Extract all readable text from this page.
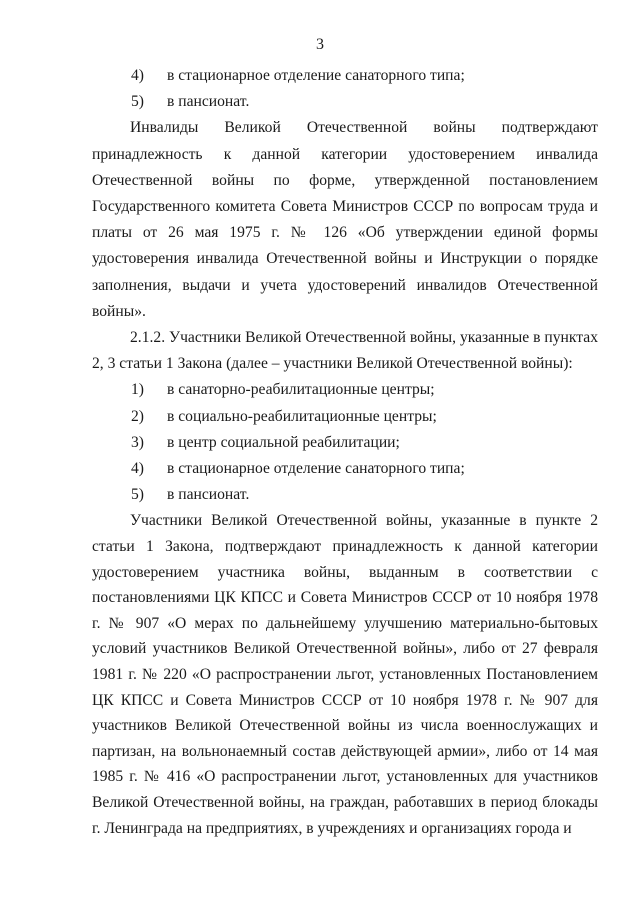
3
4)	в стационарное отделение санаторного типа;
5)	в пансионат.

Инвалиды Великой Отечественной войны подтверждают принадлежность к данной категории удостоверением инвалида Отечественной войны по форме, утвержденной постановлением Государственного комитета Совета Министров СССР по вопросам труда и платы от 26 мая 1975 г. № 126 «Об утверждении единой формы удостоверения инвалида Отечественной войны и Инструкции о порядке заполнения, выдачи и учета удостоверений инвалидов Отечественной войны».

2.1.2. Участники Великой Отечественной войны, указанные в пунктах 2, 3 статьи 1 Закона (далее – участники Великой Отечественной войны):

1)	в санаторно-реабилитационные центры;
2)	в социально-реабилитационные центры;
3)	в центр социальной реабилитации;
4)	в стационарное отделение санаторного типа;
5)	в пансионат.

Участники Великой Отечественной войны, указанные в пункте 2 статьи 1 Закона, подтверждают принадлежность к данной категории удостоверением участника войны, выданным в соответствии с постановлениями ЦК КПСС и Совета Министров СССР от 10 ноября 1978 г. № 907 «О мерах по дальнейшему улучшению материально-бытовых условий участников Великой Отечественной войны», либо от 27 февраля 1981 г. № 220 «О распространении льгот, установленных Постановлением ЦК КПСС и Совета Министров СССР от 10 ноября 1978 г. № 907 для участников Великой Отечественной войны из числа военнослужащих и партизан, на вольнонаемный состав действующей армии», либо от 14 мая 1985 г. № 416 «О распространении льгот, установленных для участников Великой Отечественной войны, на граждан, работавших в период блокады г. Ленинграда на предприятиях, в учреждениях и организациях города и
